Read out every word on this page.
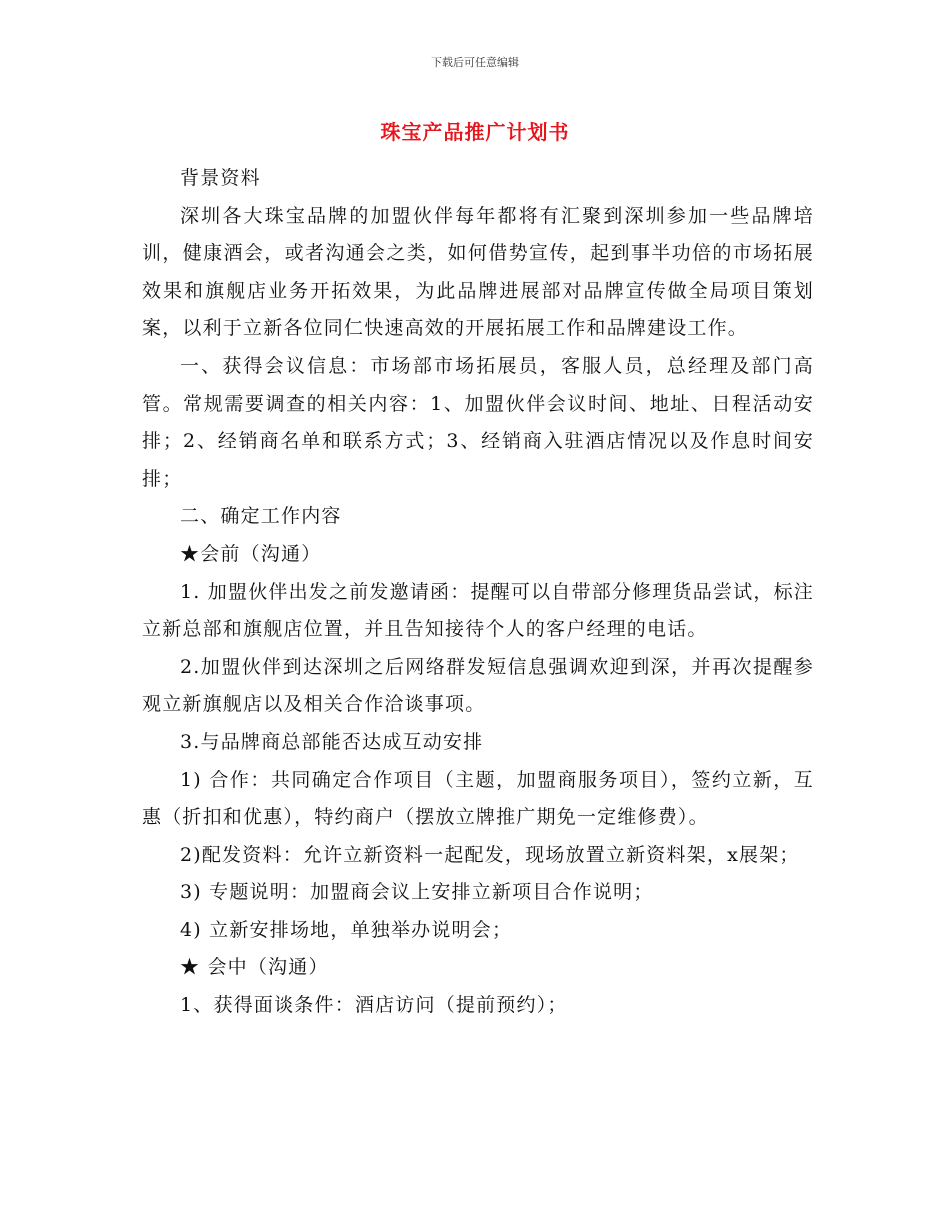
下载后可任意编辑
珠宝产品推广计划书

背景资料

深圳各大珠宝品牌的加盟伙伴每年都将有汇聚到深圳参加一些品牌培训，健康酒会，或者沟通会之类，如何借势宣传，起到事半功倍的市场拓展效果和旗舰店业务开拓效果，为此品牌进展部对品牌宣传做全局项目策划案，以利于立新各位同仁快速高效的开展拓展工作和品牌建设工作。

一、获得会议信息：市场部市场拓展员，客服人员，总经理及部门高管。常规需要调查的相关内容：1、加盟伙伴会议时间、地址、日程活动安排；2、经销商名单和联系方式；3、经销商入驻酒店情况以及作息时间安排；

二、确定工作内容

★会前（沟通）

1. 加盟伙伴出发之前发邀请函：提醒可以自带部分修理货品尝试，标注立新总部和旗舰店位置，并且告知接待个人的客户经理的电话。

2.加盟伙伴到达深圳之后网络群发短信息强调欢迎到深，并再次提醒参观立新旗舰店以及相关合作洽谈事项。

3.与品牌商总部能否达成互动安排

1) 合作：共同确定合作项目（主题，加盟商服务项目），签约立新，互惠（折扣和优惠），特约商户（摆放立牌推广期免一定维修费）。

2)配发资料：允许立新资料一起配发，现场放置立新资料架，x展架；

3) 专题说明：加盟商会议上安排立新项目合作说明；

4) 立新安排场地，单独举办说明会；

★ 会中（沟通）

1、获得面谈条件：酒店访问（提前预约）；
